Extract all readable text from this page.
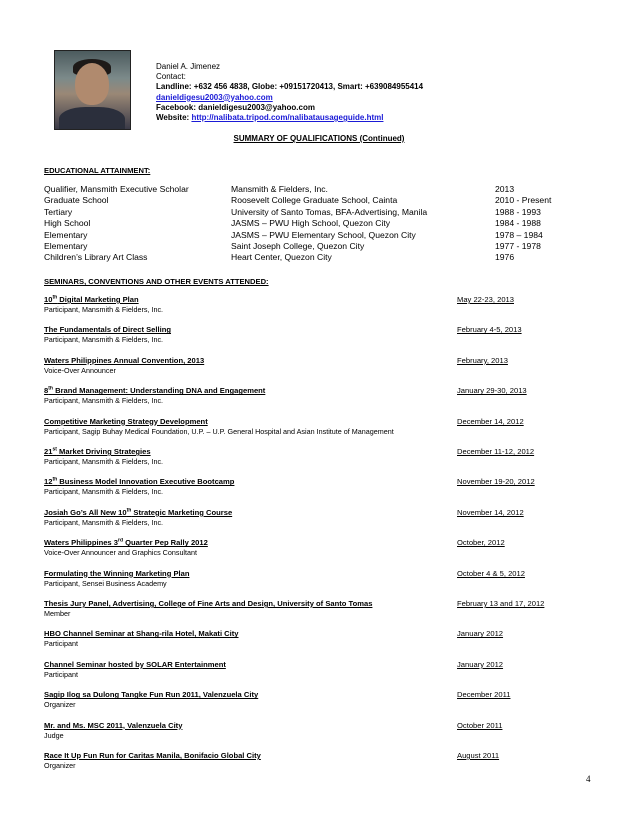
Daniel A. Jimenez
Contact:
Landline: +632 456 4838, Globe: +09151720413, Smart: +639084955414
danieldigesu2003@yahoo.com
Facebook: danieldigesu2003@yahoo.com
Website: http://nalibata.tripod.com/nalibatausageguide.html
SUMMARY OF QUALIFICATIONS (Continued)
EDUCATIONAL ATTAINMENT:
Qualifier, Mansmith Executive Scholar	Mansmith & Fielders, Inc.	2013
Graduate School	Roosevelt College Graduate School, Cainta	2010 - Present
Tertiary	University of Santo Tomas, BFA-Advertising, Manila	1988 - 1993
High School	JASMS – PWU High School, Quezon City	1984 - 1988
Elementary	JASMS – PWU Elementary School, Quezon City	1978 – 1984
Elementary	Saint Joseph College, Quezon City	1977 - 1978
Children’s Library Art Class	Heart Center, Quezon City	1976
SEMINARS, CONVENTIONS AND OTHER EVENTS ATTENDED:
10th Digital Marketing Plan	May 22-23, 2013
Participant, Mansmith & Fielders, Inc.
The Fundamentals of Direct Selling	February 4-5, 2013
Participant, Mansmith & Fielders, Inc.
Waters Philippines Annual Convention, 2013	February, 2013
Voice-Over Announcer
8th Brand Management: Understanding DNA and Engagement	January 29-30, 2013
Participant, Mansmith & Fielders, Inc.
Competitive Marketing Strategy Development	December 14, 2012
Participant, Sagip Buhay Medical Foundation, U.P. – U.P. General Hospital and Asian Institute of Management
21st Market Driving Strategies	December 11-12, 2012
Participant, Mansmith & Fielders, Inc.
12th Business Model Innovation Executive Bootcamp	November 19-20, 2012
Participant, Mansmith & Fielders, Inc.
Josiah Go’s All New 10th Strategic Marketing Course	November 14, 2012
Participant, Mansmith & Fielders, Inc.
Waters Philippines 3rd Quarter Pep Rally 2012	October, 2012
Voice-Over Announcer and Graphics Consultant
Formulating the Winning Marketing Plan	October 4 & 5, 2012
Participant, Sensei Business Academy
Thesis Jury Panel, Advertising, College of Fine Arts and Design, University of Santo Tomas	February 13 and 17, 2012
Member
HBO Channel Seminar at Shang-rila Hotel, Makati City	January 2012
Participant
Channel Seminar hosted by SOLAR Entertainment	January 2012
Participant
Sagip Ilog sa Dulong Tangke Fun Run 2011, Valenzuela City	December 2011
Organizer
Mr. and Ms. MSC 2011, Valenzuela City	October 2011
Judge
Race It Up Fun Run for Caritas Manila, Bonifacio Global City	August 2011
Organizer
4
